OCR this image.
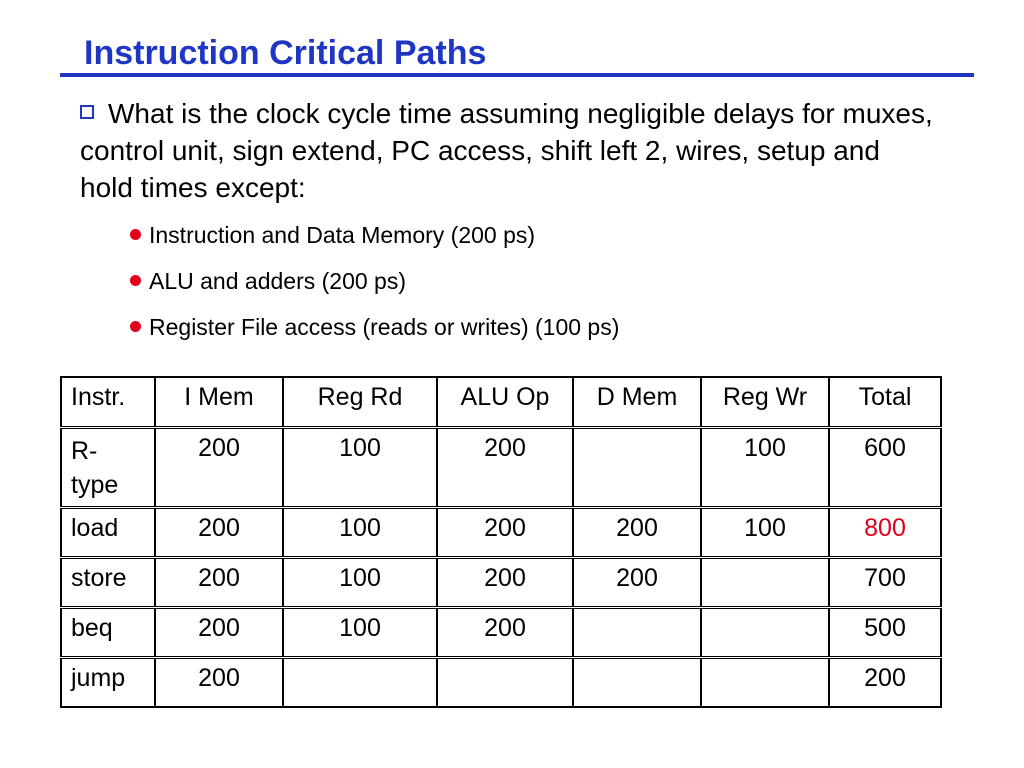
Instruction Critical Paths
What is the clock cycle time assuming negligible delays for muxes, control unit, sign extend, PC access, shift left 2, wires, setup and hold times except:
Instruction and Data Memory (200 ps)
ALU and adders (200 ps)
Register File access (reads or writes) (100 ps)
Instr.	I Mem	Reg Rd	ALU Op	D Mem	Reg Wr	Total
R-
type	200	100	200		100	600
load	200	100	200	200	100	800
store	200	100	200	200		700
beq	200	100	200			500
jump	200					200
